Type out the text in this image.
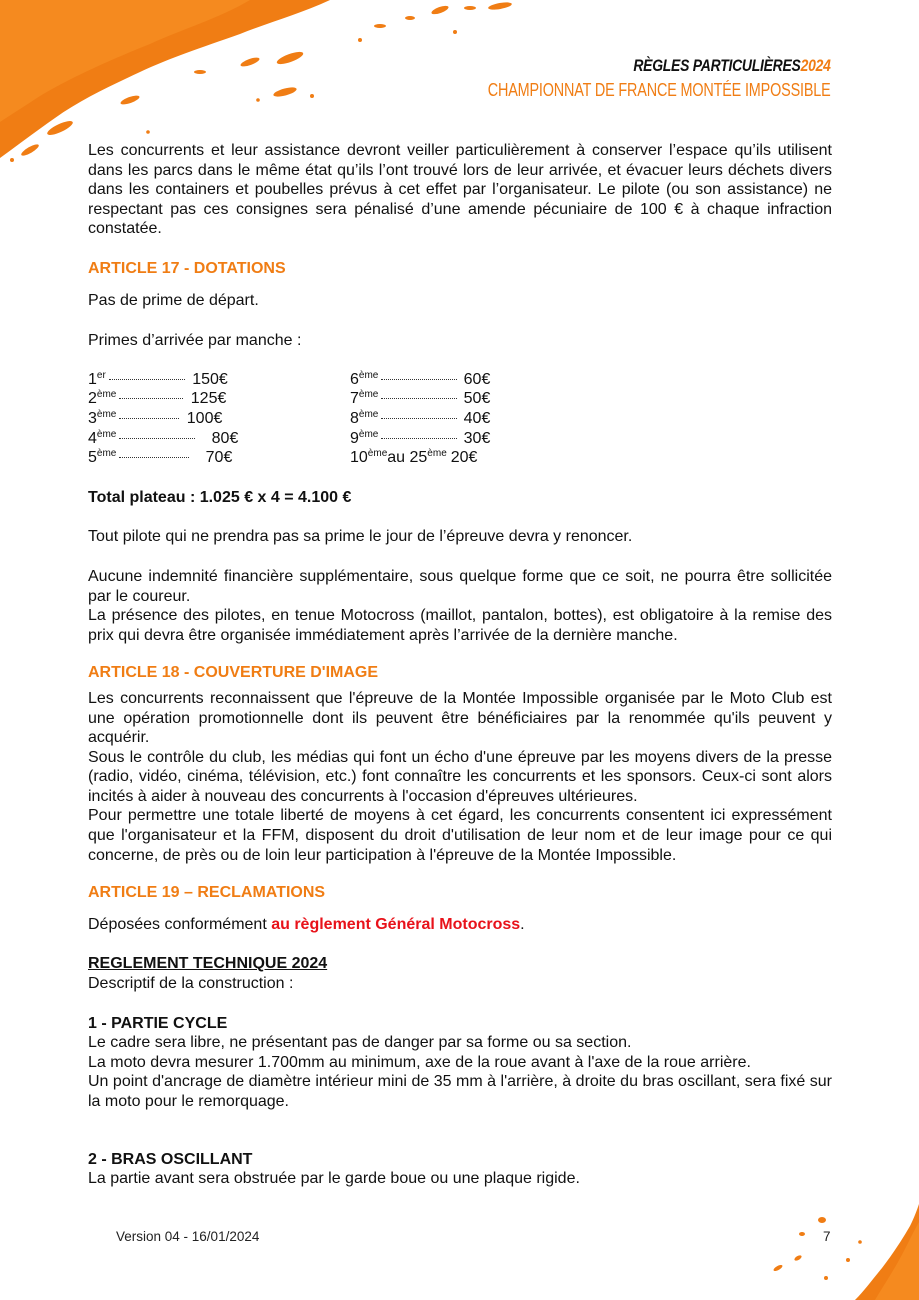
RÈGLES PARTICULIÈRES2024
CHAMPIONNAT DE FRANCE MONTÉE IMPOSSIBLE

Les concurrents et leur assistance devront veiller particulièrement à conserver l’espace qu’ils utilisent dans les parcs dans le même état qu’ils l’ont trouvé lors de leur arrivée, et évacuer leurs déchets divers dans les containers et poubelles prévus à cet effet par l’organisateur. Le pilote (ou son assistance) ne respectant pas ces consignes sera pénalisé d’une amende pécuniaire de 100 € à chaque infraction constatée.

ARTICLE 17 - DOTATIONS

Pas de prime de départ.

Primes d’arrivée par manche :

1 er	150€
2 ème	125€
3 ème	100€
4 ème	80€
5 ème	70€
6 ème	60€
7 ème	50€
8 ème	40€
9 ème	30€
10 ème au 25 ème 20€

Total plateau : 1.025 € x 4 = 4.100 €

Tout pilote qui ne prendra pas sa prime le jour de l’épreuve devra y renoncer.

Aucune indemnité financière supplémentaire, sous quelque forme que ce soit, ne pourra être sollicitée par le coureur.

La présence des pilotes, en tenue Motocross (maillot, pantalon, bottes), est obligatoire à la remise des prix qui devra être organisée immédiatement après l’arrivée de la dernière manche.

ARTICLE 18 - COUVERTURE D'IMAGE

Les concurrents reconnaissent que l'épreuve de la Montée Impossible organisée par le Moto Club est une opération promotionnelle dont ils peuvent être bénéficiaires par la renommée qu'ils peuvent y acquérir.

Sous le contrôle du club, les médias qui font un écho d'une épreuve par les moyens divers de la presse (radio, vidéo, cinéma, télévision, etc.) font connaître les concurrents et les sponsors. Ceux-ci sont alors incités à aider à nouveau des concurrents à l'occasion d'épreuves ultérieures.

Pour permettre une totale liberté de moyens à cet égard, les concurrents consentent ici expressément que l'organisateur et la FFM, disposent du droit d'utilisation de leur nom et de leur image pour ce qui concerne, de près ou de loin leur participation à l'épreuve de la Montée Impossible.

ARTICLE 19 – RECLAMATIONS

Déposées conformément au règlement Général Motocross.

REGLEMENT TECHNIQUE 2024

Descriptif de la construction :

1 - PARTIE CYCLE

Le cadre sera libre, ne présentant pas de danger par sa forme ou sa section.

La moto devra mesurer 1.700mm au minimum, axe de la roue avant à l'axe de la roue arrière.

Un point d'ancrage de diamètre intérieur mini de 35 mm à l'arrière, à droite du bras oscillant, sera fixé sur la moto pour le remorquage.

2 - BRAS OSCILLANT

La partie avant sera obstruée par le garde boue ou une plaque rigide.

Version 04 - 16/01/2024	7
